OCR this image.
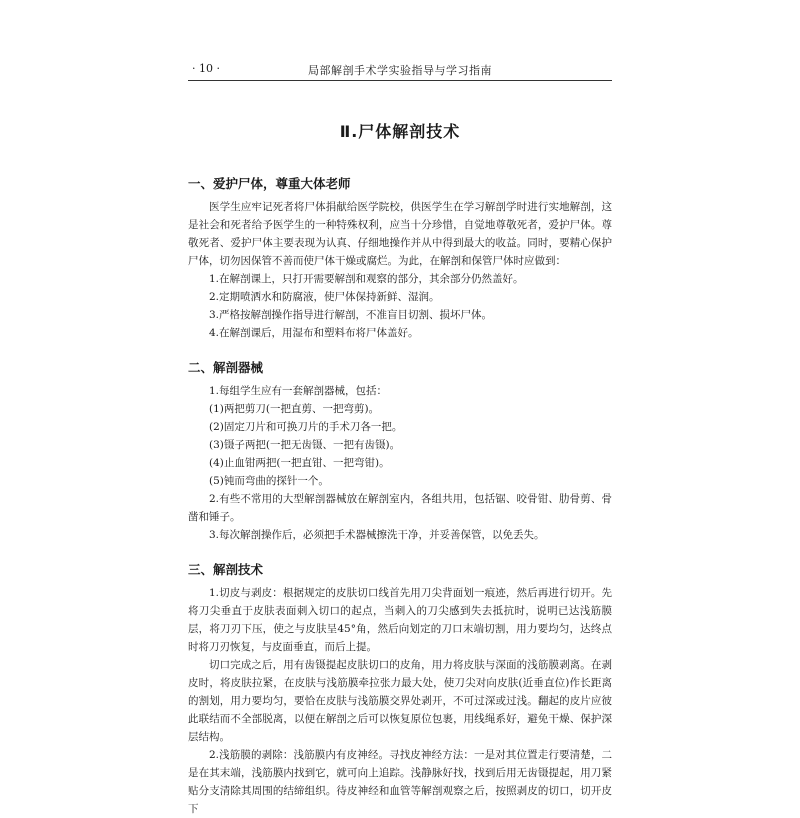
· 10 ·	局部解剖手术学实验指导与学习指南
Ⅱ.尸体解剖技术
一、爱护尸体，尊重大体老师

医学生应牢记死者将尸体捐献给医学院校，供医学生在学习解剖学时进行实地解剖，这是社会和死者给予医学生的一种特殊权利，应当十分珍惜，自觉地尊敬死者，爱护尸体。尊敬死者、爱护尸体主要表现为认真、仔细地操作并从中得到最大的收益。同时，要精心保护尸体，切勿因保管不善而使尸体干燥或腐烂。为此，在解剖和保管尸体时应做到：

1.在解剖课上，只打开需要解剖和观察的部分，其余部分仍然盖好。

2.定期喷洒水和防腐液，使尸体保持新鲜、湿润。

3.严格按解剖操作指导进行解剖，不准盲目切割、损坏尸体。

4.在解剖课后，用湿布和塑料布将尸体盖好。

二、解剖器械

1.每组学生应有一套解剖器械，包括：

(1)两把剪刀(一把直剪、一把弯剪)。

(2)固定刀片和可换刀片的手术刀各一把。

(3)镊子两把(一把无齿镊、一把有齿镊)。

(4)止血钳两把(一把直钳、一把弯钳)。

(5)钝而弯曲的探针一个。

2.有些不常用的大型解剖器械放在解剖室内，各组共用，包括锯、咬骨钳、肋骨剪、骨凿和锤子。

3.每次解剖操作后，必须把手术器械擦洗干净，并妥善保管，以免丢失。

三、解剖技术

1.切皮与剥皮：根据规定的皮肤切口线首先用刀尖背面划一痕迹，然后再进行切开。先将刀尖垂直于皮肤表面刺入切口的起点，当刺入的刀尖感到失去抵抗时，说明已达浅筋膜层，将刀刃下压，使之与皮肤呈45°角，然后向划定的刀口末端切割，用力要均匀，达终点时将刀刃恢复，与皮面垂直，而后上提。

切口完成之后，用有齿镊提起皮肤切口的皮角，用力将皮肤与深面的浅筋膜剥离。在剥皮时，将皮肤拉紧，在皮肤与浅筋膜牵拉张力最大处，使刀尖对向皮肤(近垂直位)作长距离的割划，用力要均匀，要恰在皮肤与浅筋膜交界处剥开，不可过深或过浅。翻起的皮片应彼此联结而不全部脱离，以便在解剖之后可以恢复原位包裹，用线绳系好，避免干燥、保护深层结构。

2.浅筋膜的剥除：浅筋膜内有皮神经。寻找皮神经方法：一是对其位置走行要清楚，二是在其末端，浅筋膜内找到它，就可向上追踪。浅静脉好找，找到后用无齿镊提起，用刀紧贴分支清除其周围的结缔组织。待皮神经和血管等解剖观察之后，按照剥皮的切口，切开皮下
